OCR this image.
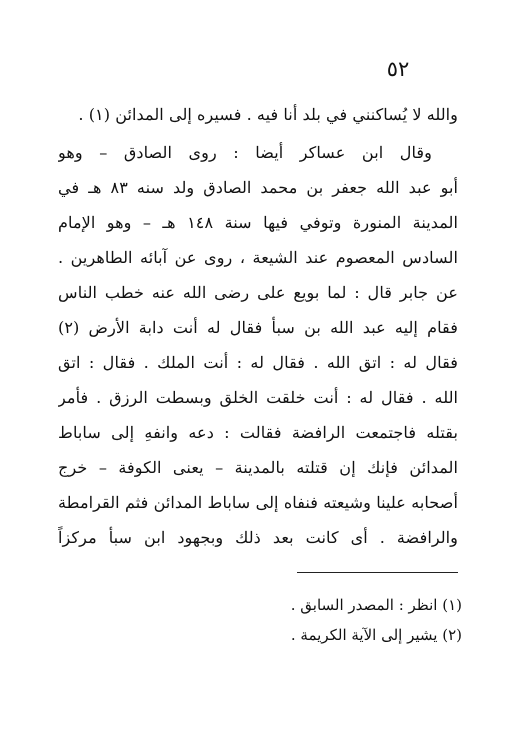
٥٢
والله لا يُساكنني في بلد أنا فيه . فسيره إلى المدائن (١) .
وقال ابن عساكر أيضا : روى الصادق – وهو
أبو عبد الله جعفر بن محمد الصادق ولد سنه ٨٣ هـ في
المدينة المنورة وتوفي فيها سنة ١٤٨ هـ – وهو الإمام
السادس المعصوم عند الشيعة ، روى عن آبائه الطاهرين .
عن جابر قال : لما بويع على رضى الله عنه خطب الناس
فقام إليه عبد الله بن سبأ فقال له أنت دابة الأرض (٢)
فقال له : اتق الله . فقال له : أنت الملك . فقال : اتق
الله . فقال له : أنت خلقت الخلق وبسطت الرزق . فأمر
بقتله فاجتمعت الرافضة فقالت : دعه وانفهِ إلى ساباط
المدائن فإنك إن قتلته بالمدينة – يعنى الكوفة – خرج
أصحابه علينا وشيعته فنفاه إلى ساباط المدائن فثم القرامطة
والرافضة . أى كانت بعد ذلك وبجهود ابن سبأ مركزاً
(١) انظر : المصدر السابق .
(٢) يشير إلى الآية الكريمة .
